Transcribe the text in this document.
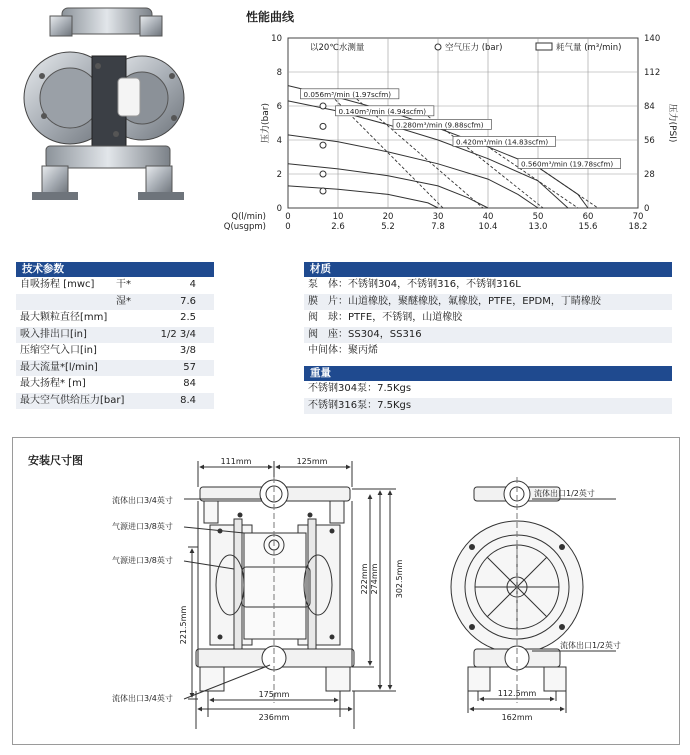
性能曲线
0
2
4
6
8
10
0
28
56
84
112
140
0
0
10
2.6
20
5.2
30
7.8
40
10.4
50
13.0
60
15.6
70
18.2
Q(l/min)
Q(usgpm)
压力(bar)	压力(PSI)
0.056m³/min (1.97scfm)
0.140m³/min (4.94scfm)
0.280m³/min (9.88scfm)
0.420m³/min (14.83scfm)
0.560m³/min (19.78scfm)
以20℃水测量	空气压力 (bar)	耗气量 (m³/min)
技术参数
自吸扬程 [mwc] 干*	4
湿*	7.6
最大颗粒直径[mm]	2.5
吸入排出口[in]	1/2 3/4
压缩空气入口[in]	3/8
最大流量*[l/min]	57
最大扬程* [m]	84
最大空气供给压力[bar]	8.4
材质
泵　体：不锈钢304，不锈钢316，不锈钢316L
膜　片：山道橡胶，聚醚橡胶，氟橡胶，PTFE，EPDM，丁睛橡胶
阀　球：PTFE，不锈钢，山道橡胶
阀　座：SS304，SS316
中间体：聚丙烯
重量
不锈钢304泵：7.5Kgs
不锈钢316泵：7.5Kgs
安装尺寸图	111mm	125mm
175mm
236mm
112.5mm
162mm
221.5mm
222mm 274mm 302.5mm
流体出口3/4英寸
气源进口3/8英寸
气源进口3/8英寸
流体出口3/4英寸
流体出口1/2英寸
流体出口1/2英寸
